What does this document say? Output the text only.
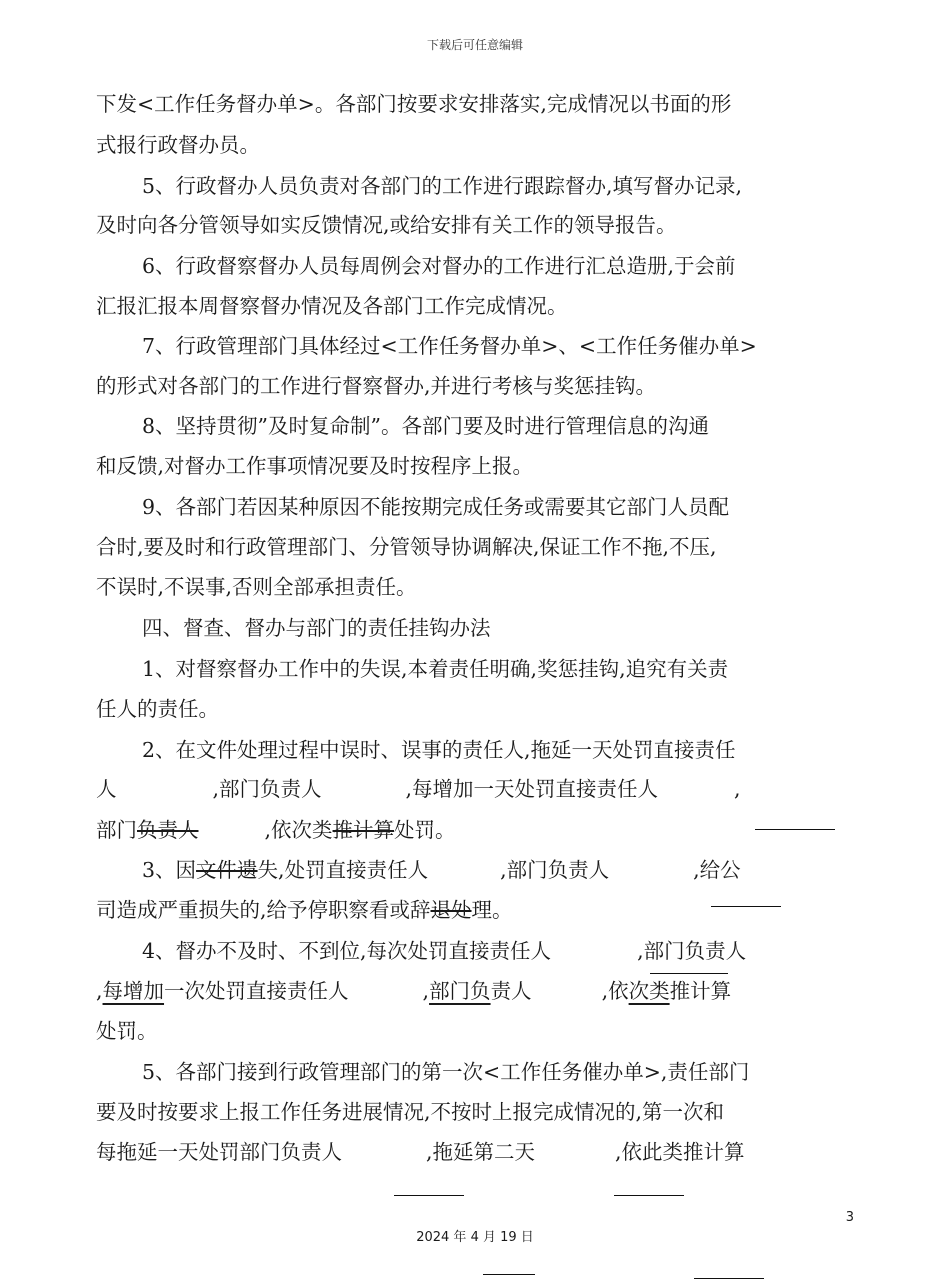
下载后可任意编辑
下发<工作任务督办单>。各部门按要求安排落实,完成情况以书面的形
式报行政督办员。
5、行政督办人员负责对各部门的工作进行跟踪督办,填写督办记录,
及时向各分管领导如实反馈情况,或给安排有关工作的领导报告。
6、行政督察督办人员每周例会对督办的工作进行汇总造册,于会前
汇报汇报本周督察督办情况及各部门工作完成情况。
7、行政管理部门具体经过<工作任务督办单>、<工作任务催办单>
的形式对各部门的工作进行督察督办,并进行考核与奖惩挂钩。
8、坚持贯彻”及时复命制”。各部门要及时进行管理信息的沟通
和反馈,对督办工作事项情况要及时按程序上报。
9、各部门若因某种原因不能按期完成任务或需要其它部门人员配
合时,要及时和行政管理部门、分管领导协调解决,保证工作不拖,不压,
不误时,不误事,否则全部承担责任。
四、督查、督办与部门的责任挂钩办法
1、对督察督办工作中的失误,本着责任明确,奖惩挂钩,追究有关责
任人的责任。
2、在文件处理过程中误时、误事的责任人,拖延一天处罚直接责任
人	,部门负责人	,每增加一天处罚直接责任人	,
部门负责人	,依次类推计算处罚。
3、因文件遗失,处罚直接责任人	,部门负责人	,给公
司造成严重损失的,给予停职察看或辞退处理。
4、督办不及时、不到位,每次处罚直接责任人	,部门负责人
,每增加一次处罚直接责任人	,部门负责人	,依次类推计算
处罚。
5、各部门接到行政管理部门的第一次<工作任务催办单>,责任部门
要及时按要求上报工作任务进展情况,不按时上报完成情况的,第一次和
每拖延一天处罚部门负责人	,拖延第二天	,依此类推计算
3
2024 年 4 月 19 日
